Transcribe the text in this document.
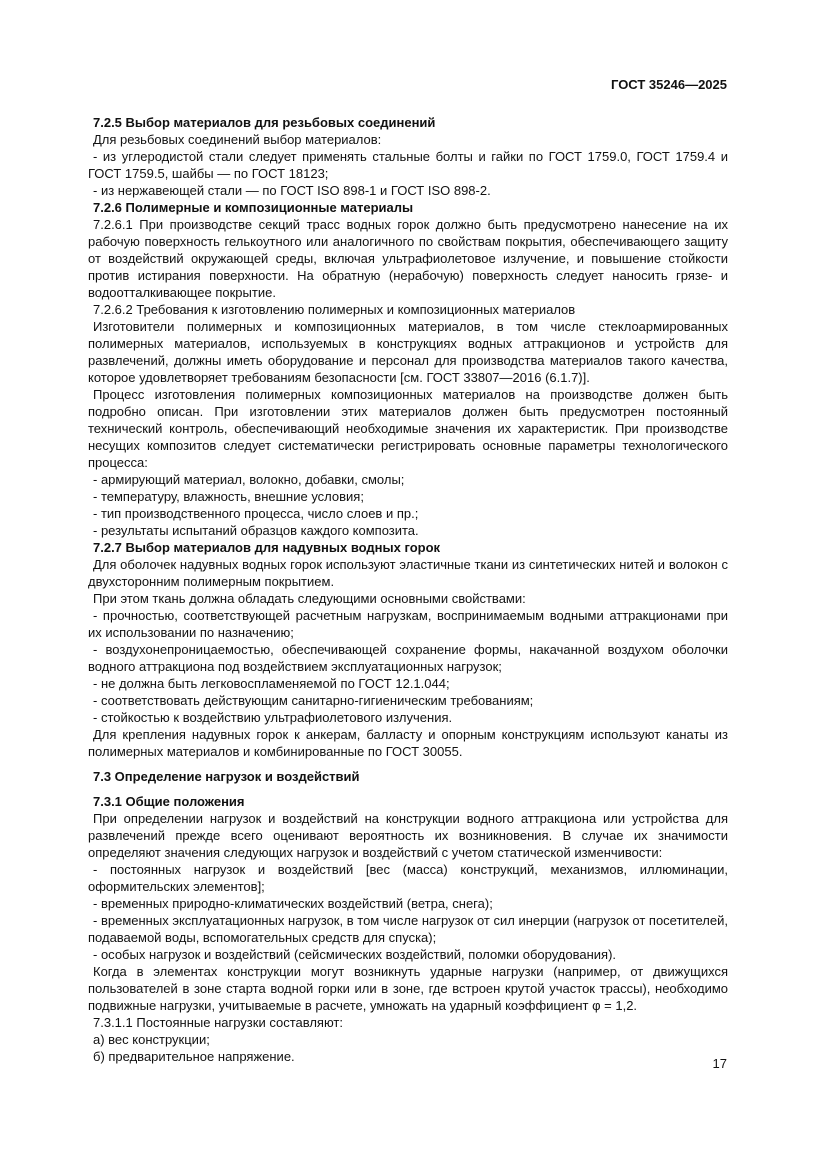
ГОСТ 35246—2025
7.2.5 Выбор материалов для резьбовых соединений
Для резьбовых соединений выбор материалов:
- из углеродистой стали следует применять стальные болты и гайки по ГОСТ 1759.0, ГОСТ 1759.4 и ГОСТ 1759.5, шайбы — по ГОСТ 18123;
- из нержавеющей стали — по ГОСТ ISO 898-1 и ГОСТ ISO 898-2.
7.2.6 Полимерные и композиционные материалы
7.2.6.1 При производстве секций трасс водных горок должно быть предусмотрено нанесение на их рабочую поверхность гелькоутного или аналогичного по свойствам покрытия, обеспечивающего защиту от воздействий окружающей среды, включая ультрафиолетовое излучение, и повышение стойкости против истирания поверхности. На обратную (нерабочую) поверхность следует наносить грязе- и водоотталкивающее покрытие.
7.2.6.2 Требования к изготовлению полимерных и композиционных материалов
Изготовители полимерных и композиционных материалов, в том числе стеклоармированных полимерных материалов, используемых в конструкциях водных аттракционов и устройств для развлечений, должны иметь оборудование и персонал для производства материалов такого качества, которое удовлетворяет требованиям безопасности [см. ГОСТ 33807—2016 (6.1.7)].
Процесс изготовления полимерных композиционных материалов на производстве должен быть подробно описан. При изготовлении этих материалов должен быть предусмотрен постоянный технический контроль, обеспечивающий необходимые значения их характеристик. При производстве несущих композитов следует систематически регистрировать основные параметры технологического процесса:
- армирующий материал, волокно, добавки, смолы;
- температуру, влажность, внешние условия;
- тип производственного процесса, число слоев и пр.;
- результаты испытаний образцов каждого композита.
7.2.7 Выбор материалов для надувных водных горок
Для оболочек надувных водных горок используют эластичные ткани из синтетических нитей и волокон с двухсторонним полимерным покрытием.
При этом ткань должна обладать следующими основными свойствами:
- прочностью, соответствующей расчетным нагрузкам, воспринимаемым водными аттракционами при их использовании по назначению;
- воздухонепроницаемостью, обеспечивающей сохранение формы, накачанной воздухом оболочки водного аттракциона под воздействием эксплуатационных нагрузок;
- не должна быть легковоспламеняемой по ГОСТ 12.1.044;
- соответствовать действующим санитарно-гигиеническим требованиям;
- стойкостью к воздействию ультрафиолетового излучения.
Для крепления надувных горок к анкерам, балласту и опорным конструкциям используют канаты из полимерных материалов и комбинированные по ГОСТ 30055.
7.3 Определение нагрузок и воздействий
7.3.1 Общие положения
При определении нагрузок и воздействий на конструкции водного аттракциона или устройства для развлечений прежде всего оценивают вероятность их возникновения. В случае их значимости определяют значения следующих нагрузок и воздействий с учетом статической изменчивости:
- постоянных нагрузок и воздействий [вес (масса) конструкций, механизмов, иллюминации, оформительских элементов];
- временных природно-климатических воздействий (ветра, снега);
- временных эксплуатационных нагрузок, в том числе нагрузок от сил инерции (нагрузок от посетителей, подаваемой воды, вспомогательных средств для спуска);
- особых нагрузок и воздействий (сейсмических воздействий, поломки оборудования).
Когда в элементах конструкции могут возникнуть ударные нагрузки (например, от движущихся пользователей в зоне старта водной горки или в зоне, где встроен крутой участок трассы), необходимо подвижные нагрузки, учитываемые в расчете, умножать на ударный коэффициент φ = 1,2.
7.3.1.1 Постоянные нагрузки составляют:
а) вес конструкции;
б) предварительное напряжение.	17
